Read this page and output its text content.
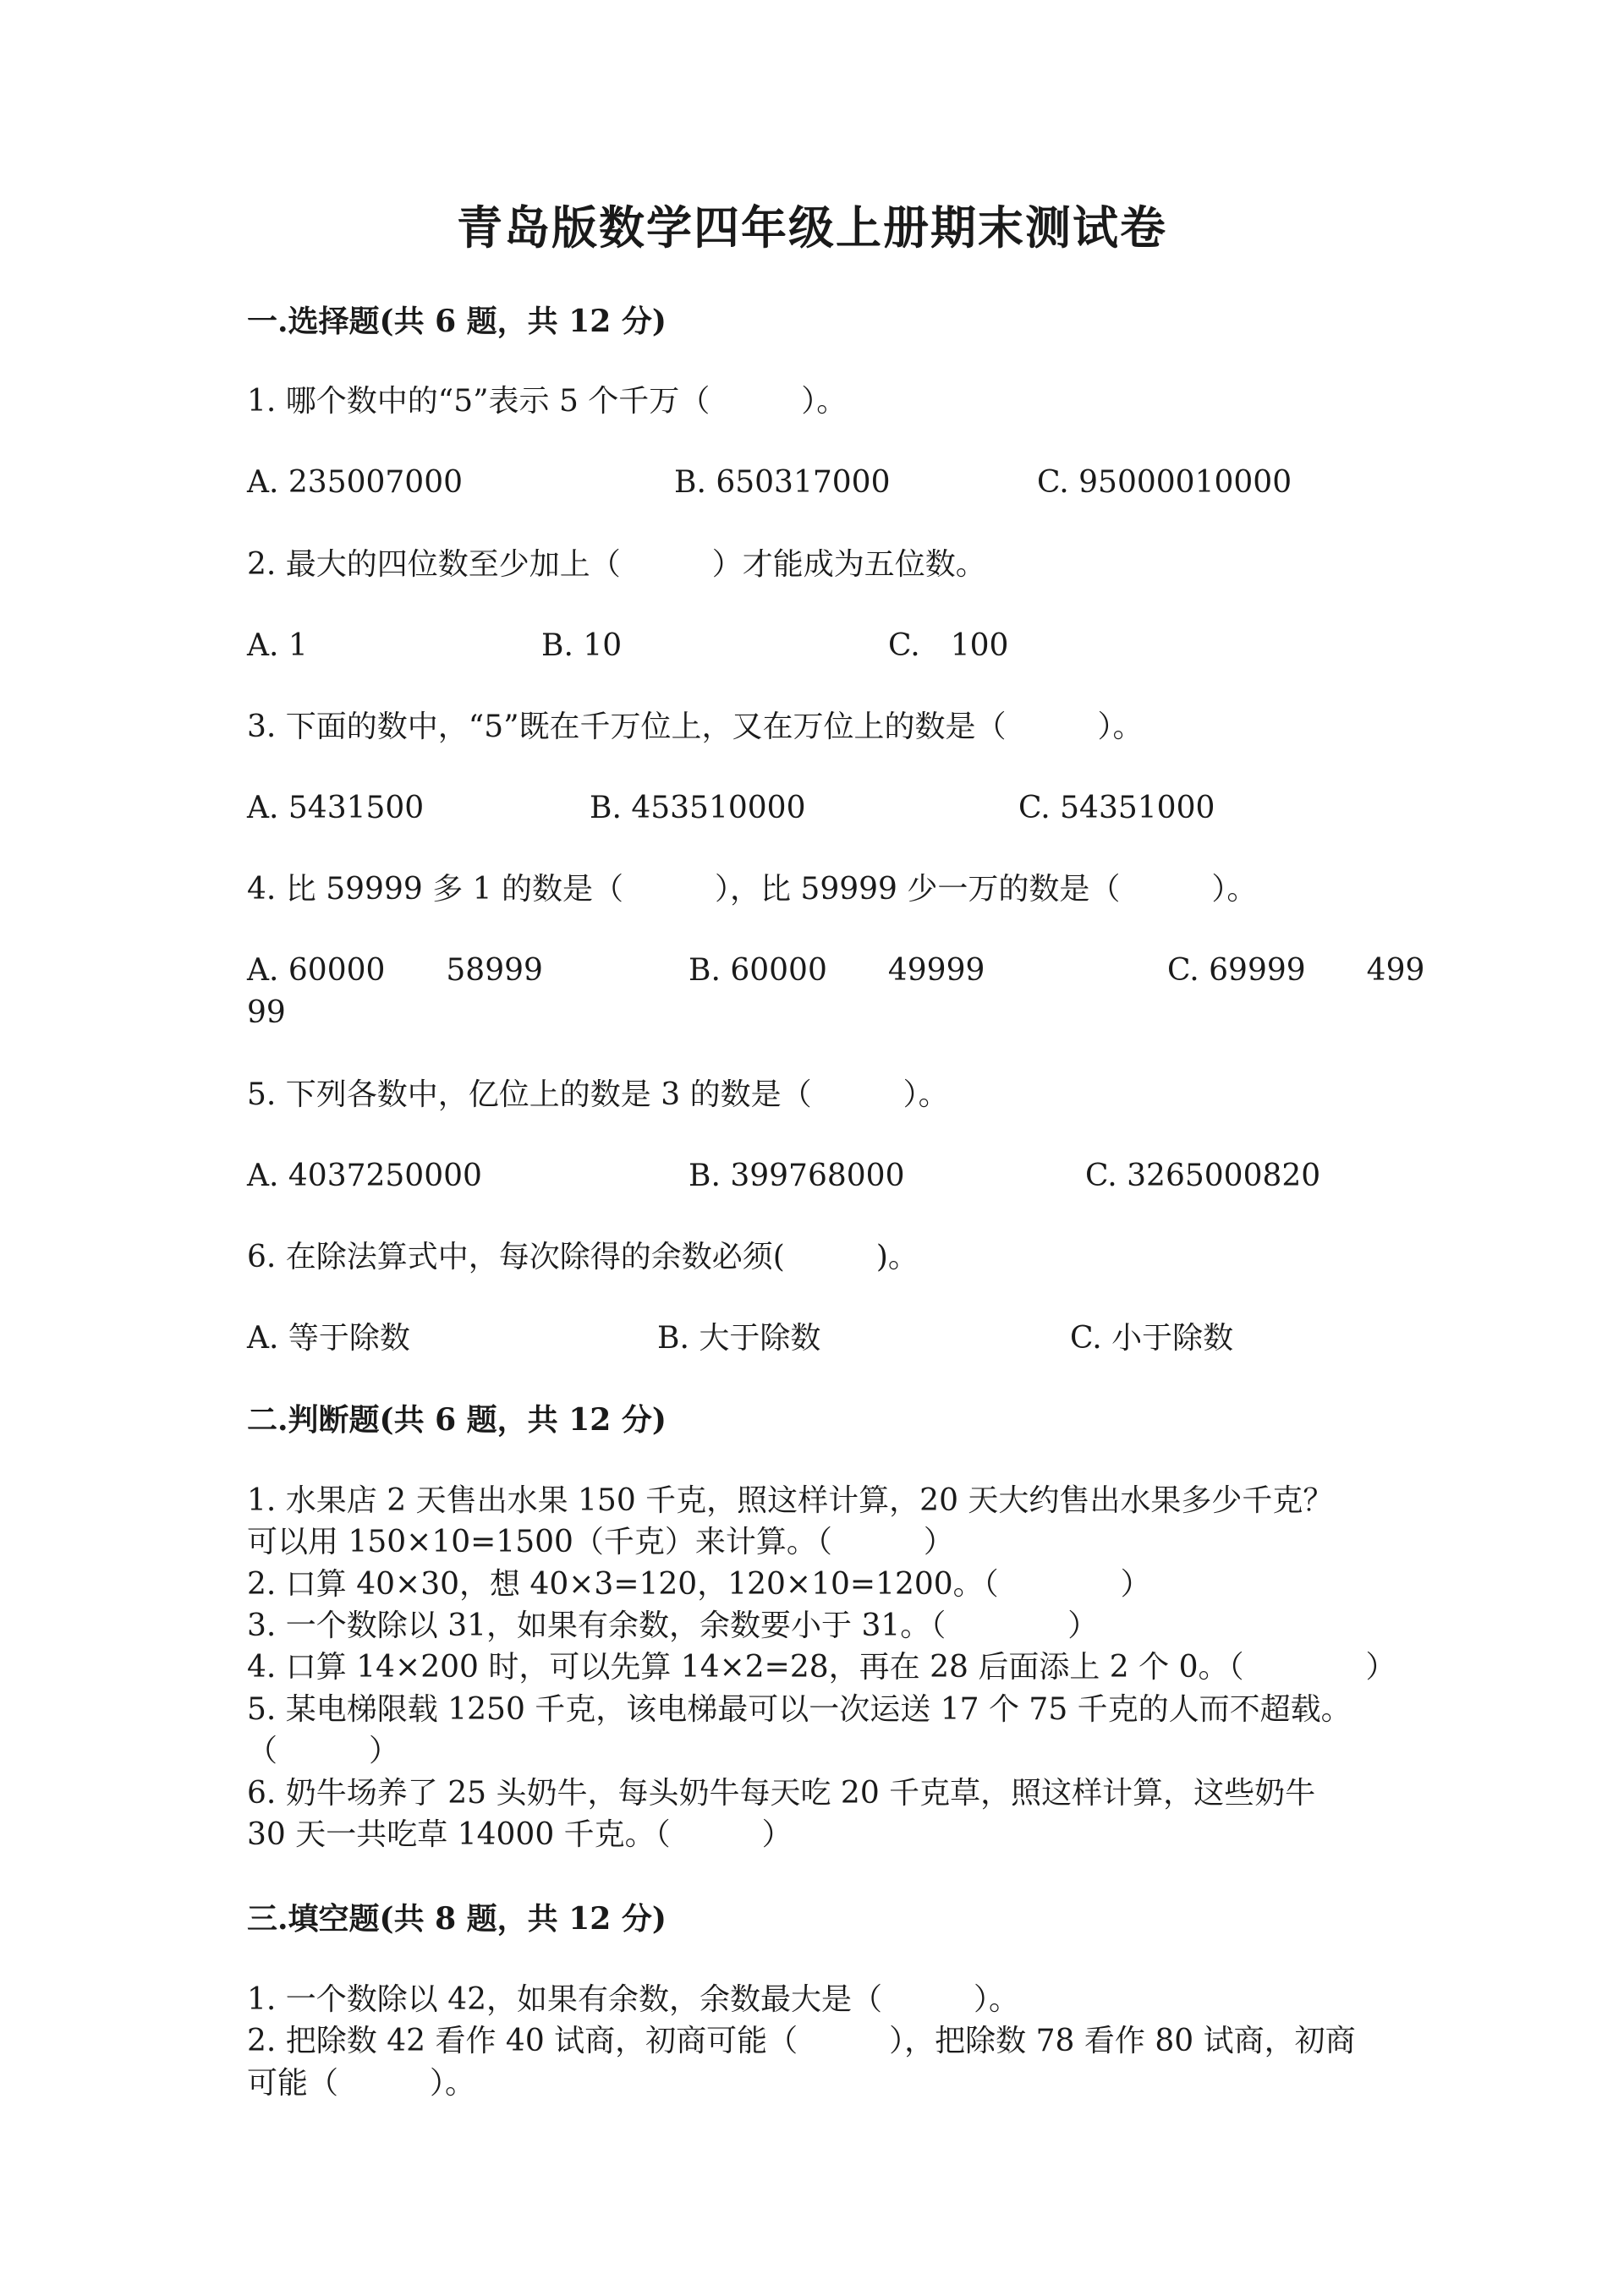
青岛版数学四年级上册期末测试卷
一.选择题(共 6 题，共 12 分)
1. 哪个数中的“5”表示 5 个千万（　　　）。
A. 235007000	B. 650317000	C. 95000010000
2. 最大的四位数至少加上（　　　）才能成为五位数。
A. 1	B. 10	C.　100
3. 下面的数中，“5”既在千万位上，又在万位上的数是（　　　）。
A. 5431500	B. 453510000	C. 54351000
4. 比 59999 多 1 的数是（　　　），比 59999 少一万的数是（　　　）。
A. 60000　　58999	B. 60000　　49999	C. 69999　　499
99
5. 下列各数中，亿位上的数是 3 的数是（　　　）。
A. 4037250000	B. 399768000	C. 3265000820
6. 在除法算式中，每次除得的余数必须(　　　)。
A. 等于除数	B. 大于除数	C. 小于除数
二.判断题(共 6 题，共 12 分)
1. 水果店 2 天售出水果 150 千克，照这样计算，20 天大约售出水果多少千克？
可以用 150×10=1500（千克）来计算。（　　　）
2. 口算 40×30，想 40×3=120，120×10=1200。（　　　　）
3. 一个数除以 31，如果有余数，余数要小于 31。（　　　　）
4. 口算 14×200 时，可以先算 14×2=28，再在 28 后面添上 2 个 0。（　　　　）
5. 某电梯限载 1250 千克，该电梯最可以一次运送 17 个 75 千克的人而不超载。
（　　　）
6. 奶牛场养了 25 头奶牛，每头奶牛每天吃 20 千克草，照这样计算，这些奶牛
30 天一共吃草 14000 千克。（　　　）
三.填空题(共 8 题，共 12 分)
1. 一个数除以 42，如果有余数，余数最大是（　　　）。
2. 把除数 42 看作 40 试商，初商可能（　　　），把除数 78 看作 80 试商，初商
可能（　　　）。
